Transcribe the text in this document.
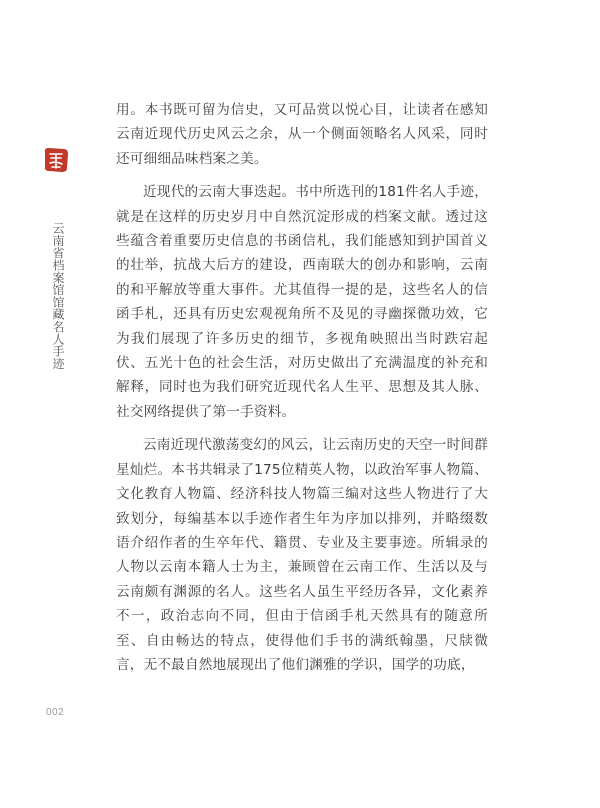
云南省档案馆馆藏名人手迹

用。本书既可留为信史，又可品赏以悦心目，让读者在感知云南近现代历史风云之余，从一个侧面领略名人风采，同时还可细细品味档案之美。

近现代的云南大事迭起。书中所选刊的181件名人手迹，就是在这样的历史岁月中自然沉淀形成的档案文献。透过这些蕴含着重要历史信息的书函信札，我们能感知到护国首义的壮举，抗战大后方的建设，西南联大的创办和影响，云南的和平解放等重大事件。尤其值得一提的是，这些名人的信函手札，还具有历史宏观视角所不及见的寻幽探微功效，它为我们展现了许多历史的细节，多视角映照出当时跌宕起伏、五光十色的社会生活，对历史做出了充满温度的补充和解释，同时也为我们研究近现代名人生平、思想及其人脉、社交网络提供了第一手资料。

云南近现代激荡变幻的风云，让云南历史的天空一时间群星灿烂。本书共辑录了175位精英人物，以政治军事人物篇、文化教育人物篇、经济科技人物篇三编对这些人物进行了大致划分，每编基本以手迹作者生年为序加以排列，并略缀数语介绍作者的生卒年代、籍贯、专业及主要事迹。所辑录的人物以云南本籍人士为主，兼顾曾在云南工作、生活以及与云南颇有渊源的名人。这些名人虽生平经历各异，文化素养不一，政治志向不同，但由于信函手札天然具有的随意所至、自由畅达的特点，使得他们手书的满纸翰墨，尺牍微言，无不最自然地展现出了他们渊雅的学识，国学的功底，

002
